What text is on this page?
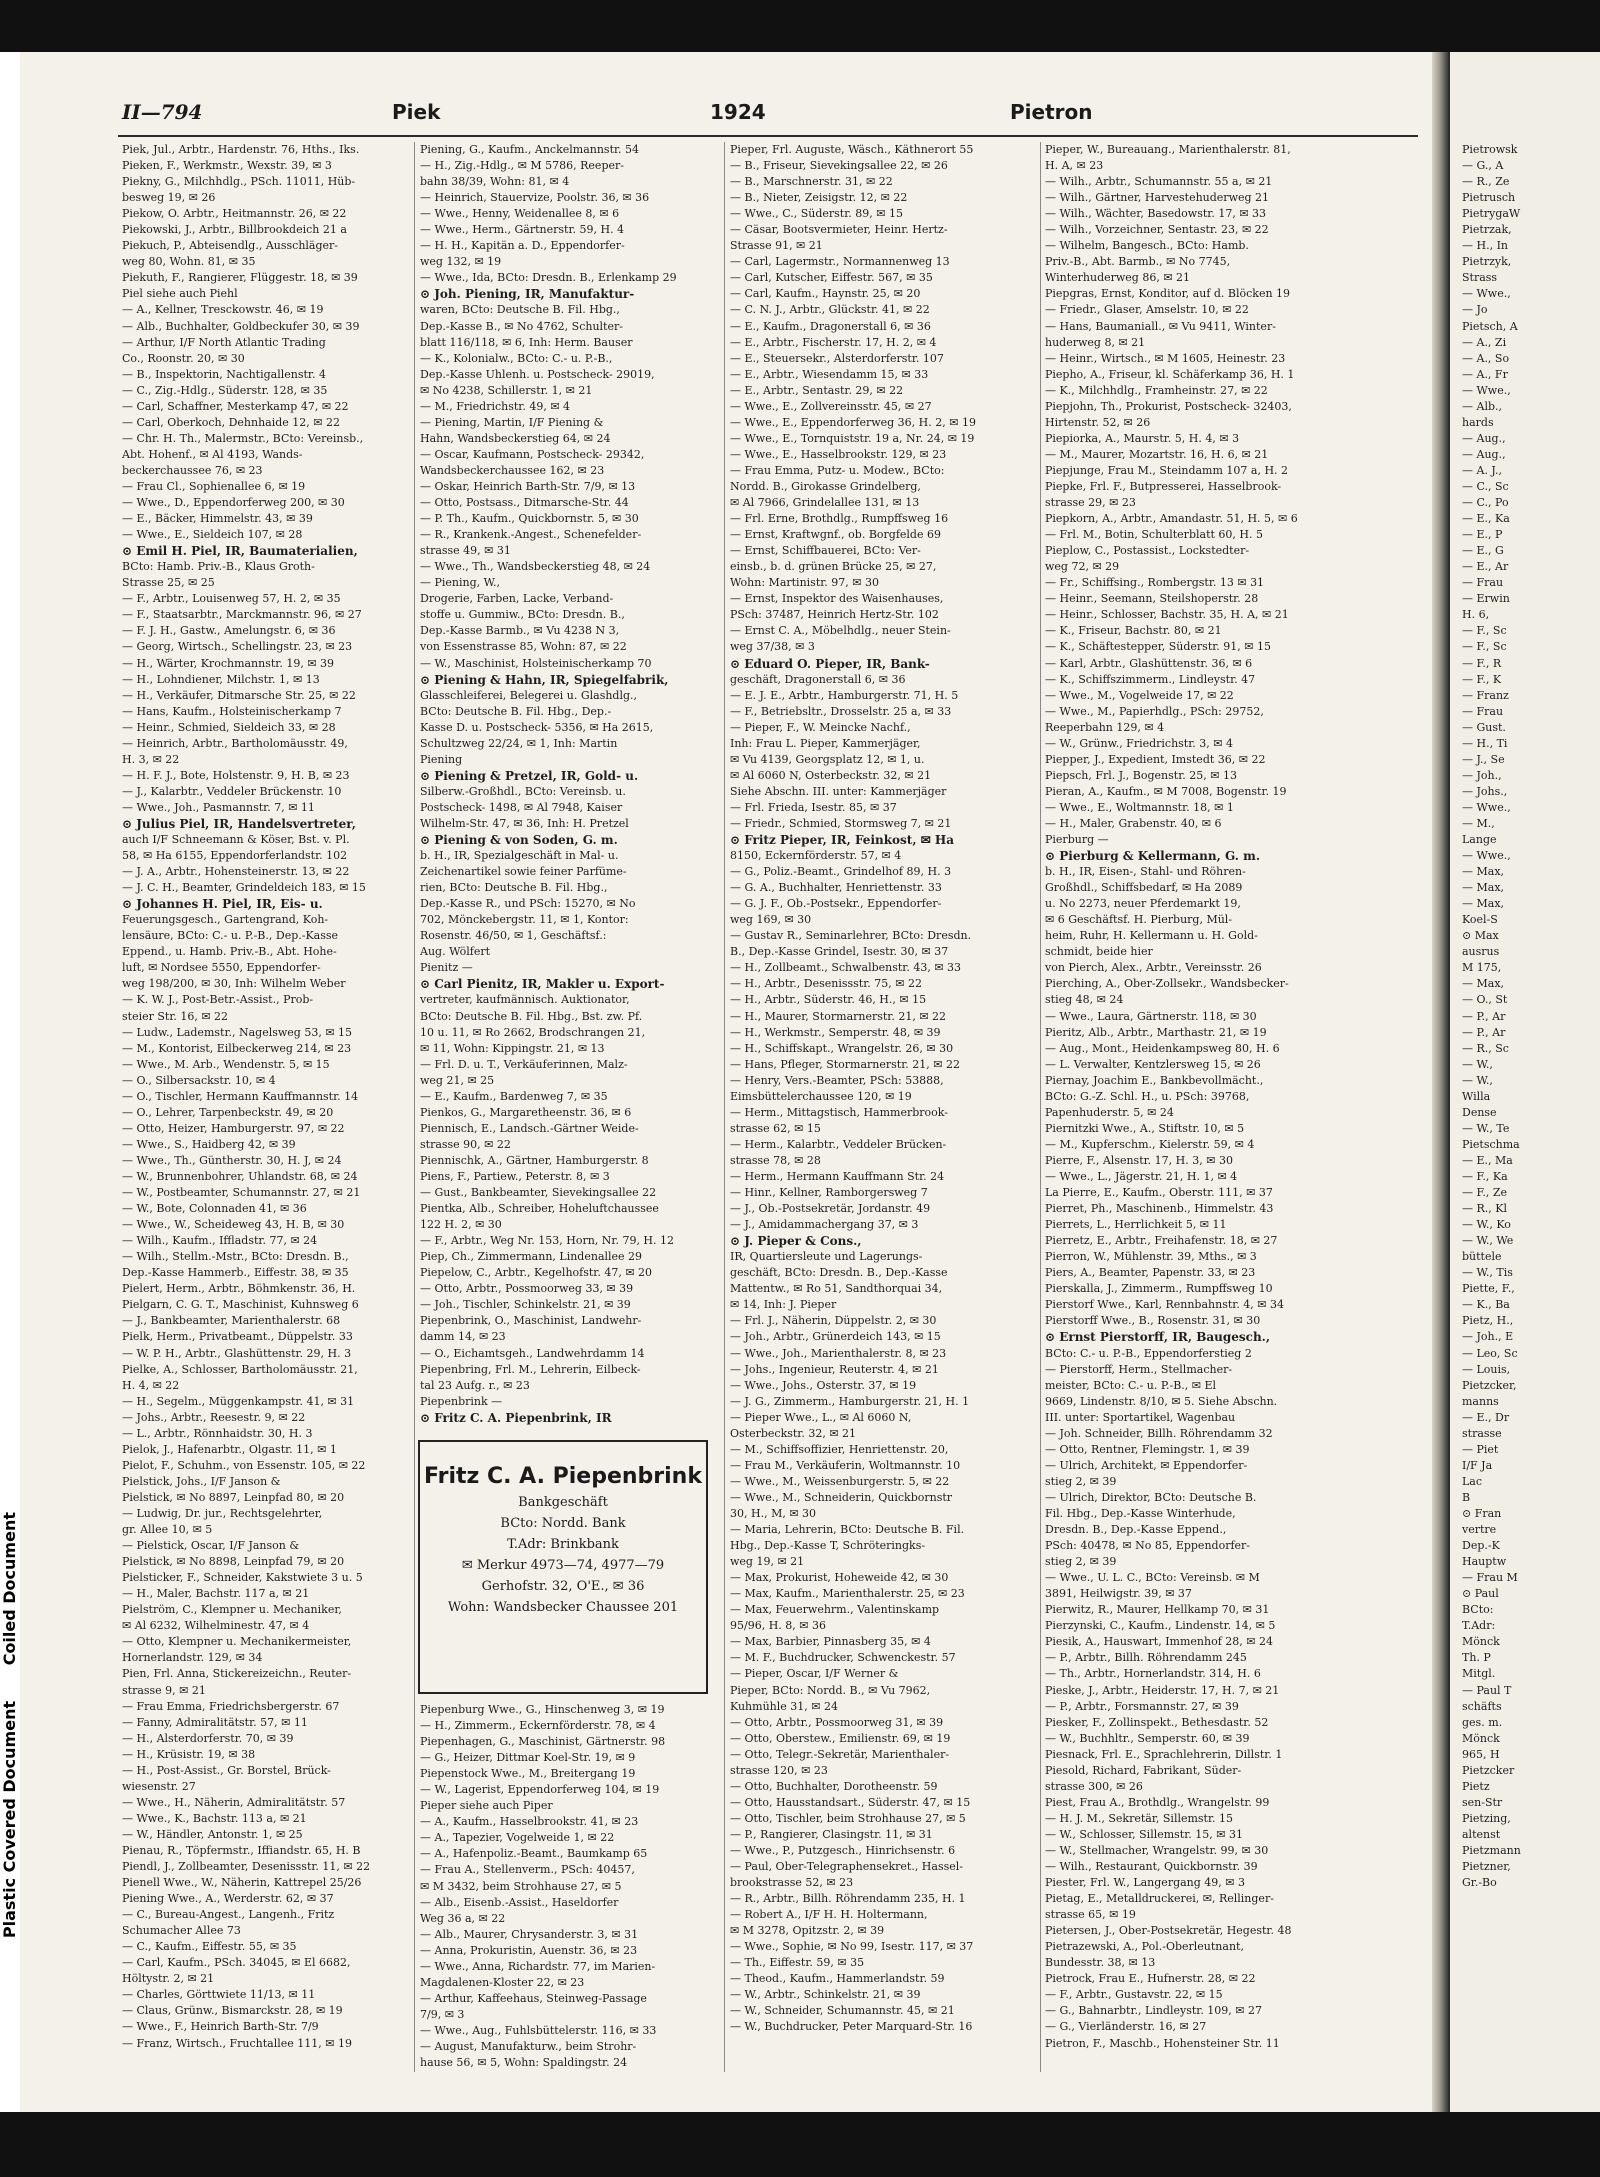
Plastic Covered Document Coiled Document
II—794	Piek	1924	Pietron
Piek, Jul., Arbtr., Hardenstr. 76, Hths., Iks.
Pieken, F., Werkmstr., Wexstr. 39, ✉ 3
Piekny, G., Milchhdlg., PSch. 11011, Hüb-
besweg 19, ✉ 26
Piekow, O. Arbtr., Heitmannstr. 26, ✉ 22
Piekowski, J., Arbtr., Billbrookdeich 21 a
Piekuch, P., Abteisendlg., Ausschläger-
weg 80, Wohn. 81, ✉ 35
Piekuth, F., Rangierer, Flüggestr. 18, ✉ 39
Piel siehe auch Piehl
— A., Kellner, Tresckowstr. 46, ✉ 19
— Alb., Buchhalter, Goldbeckufer 30, ✉ 39
— Arthur, I/F North Atlantic Trading
Co., Roonstr. 20, ✉ 30
— B., Inspektorin, Nachtigallenstr. 4
— C., Zig.-Hdlg., Süderstr. 128, ✉ 35
— Carl, Schaffner, Mesterkamp 47, ✉ 22
— Carl, Oberkoch, Dehnhaide 12, ✉ 22
— Chr. H. Th., Malermstr., BCto: Vereinsb.,
Abt. Hohenf., ✉ Al 4193, Wands-
beckerchaussee 76, ✉ 23
— Frau Cl., Sophienallee 6, ✉ 19
— Wwe., D., Eppendorferweg 200, ✉ 30
— E., Bäcker, Himmelstr. 43, ✉ 39
— Wwe., E., Sieldeich 107, ✉ 28
⊙ Emil H. Piel, IR, Baumaterialien,
BCto: Hamb. Priv.-B., Klaus Groth-
Strasse 25, ✉ 25
— F., Arbtr., Louisenweg 57, H. 2, ✉ 35
— F., Staatsarbtr., Marckmannstr. 96, ✉ 27
— F. J. H., Gastw., Amelungstr. 6, ✉ 36
— Georg, Wirtsch., Schellingstr. 23, ✉ 23
— H., Wärter, Krochmannstr. 19, ✉ 39
— H., Lohndiener, Milchstr. 1, ✉ 13
— H., Verkäufer, Ditmarsche Str. 25, ✉ 22
— Hans, Kaufm., Holsteinischerkamp 7
— Heinr., Schmied, Sieldeich 33, ✉ 28
— Heinrich, Arbtr., Bartholomäusstr. 49,
H. 3, ✉ 22
— H. F. J., Bote, Holstenstr. 9, H. B, ✉ 23
— J., Kalarbtr., Veddeler Brückenstr. 10
— Wwe., Joh., Pasmannstr. 7, ✉ 11
⊙ Julius Piel, IR, Handelsvertreter,
auch I/F Schneemann & Köser, Bst. v. Pl.
58, ✉ Ha 6155, Eppendorferlandstr. 102
— J. A., Arbtr., Hohensteinerstr. 13, ✉ 22
— J. C. H., Beamter, Grindeldeich 183, ✉ 15
⊙ Johannes H. Piel, IR, Eis- u.
Feuerungsgesch., Gartengrand, Koh-
lensäure, BCto: C.- u. P.-B., Dep.-Kasse
Eppend., u. Hamb. Priv.-B., Abt. Hohe-
luft, ✉ Nordsee 5550, Eppendorfer-
weg 198/200, ✉ 30, Inh: Wilhelm Weber
— K. W. J., Post-Betr.-Assist., Prob-
steier Str. 16, ✉ 22
— Ludw., Lademstr., Nagelsweg 53, ✉ 15
— M., Kontorist, Eilbeckerweg 214, ✉ 23
— Wwe., M. Arb., Wendenstr. 5, ✉ 15
— O., Silbersackstr. 10, ✉ 4
— O., Tischler, Hermann Kauffmannstr. 14
— O., Lehrer, Tarpenbeckstr. 49, ✉ 20
— Otto, Heizer, Hamburgerstr. 97, ✉ 22
— Wwe., S., Haidberg 42, ✉ 39
— Wwe., Th., Güntherstr. 30, H. J, ✉ 24
— W., Brunnenbohrer, Uhlandstr. 68, ✉ 24
— W., Postbeamter, Schumannstr. 27, ✉ 21
— W., Bote, Colonnaden 41, ✉ 36
— Wwe., W., Scheideweg 43, H. B, ✉ 30
— Wilh., Kaufm., Iffladstr. 77, ✉ 24
— Wilh., Stellm.-Mstr., BCto: Dresdn. B.,
Dep.-Kasse Hammerb., Eiffestr. 38, ✉ 35
Pielert, Herm., Arbtr., Böhmkenstr. 36, H.
Pielgarn, C. G. T., Maschinist, Kuhnsweg 6
— J., Bankbeamter, Marienthalerstr. 68
Pielk, Herm., Privatbeamt., Düppelstr. 33
— W. P. H., Arbtr., Glashüttenstr. 29, H. 3
Pielke, A., Schlosser, Bartholomäusstr. 21,
H. 4, ✉ 22
— H., Segelm., Müggenkampstr. 41, ✉ 31
— Johs., Arbtr., Reesestr. 9, ✉ 22
— L., Arbtr., Rönnhaidstr. 30, H. 3
Pielok, J., Hafenarbtr., Olgastr. 11, ✉ 1
Pielot, F., Schuhm., von Essenstr. 105, ✉ 22
Pielstick, Johs., I/F Janson &
Pielstick, ✉ No 8897, Leinpfad 80, ✉ 20
— Ludwig, Dr. jur., Rechtsgelehrter,
gr. Allee 10, ✉ 5
— Pielstick, Oscar, I/F Janson &
Pielstick, ✉ No 8898, Leinpfad 79, ✉ 20
Pielsticker, F., Schneider, Kakstwiete 3 u. 5
— H., Maler, Bachstr. 117 a, ✉ 21
Pielström, C., Klempner u. Mechaniker,
✉ Al 6232, Wilhelminestr. 47, ✉ 4
— Otto, Klempner u. Mechanikermeister,
Hornerlandstr. 129, ✉ 34
Pien, Frl. Anna, Stickereizeichn., Reuter-
strasse 9, ✉ 21
— Frau Emma, Friedrichsbergerstr. 67
— Fanny, Admiralitätstr. 57, ✉ 11
— H., Alsterdorferstr. 70, ✉ 39
— H., Krüsistr. 19, ✉ 38
— H., Post-Assist., Gr. Borstel, Brück-
wiesenstr. 27
— Wwe., H., Näherin, Admiralitätstr. 57
— Wwe., K., Bachstr. 113 a, ✉ 21
— W., Händler, Antonstr. 1, ✉ 25
Pienau, R., Töpfermstr., Iffiandstr. 65, H. B
Piendl, J., Zollbeamter, Desenissstr. 11, ✉ 22
Pienell Wwe., W., Näherin, Kattrepel 25/26
Piening Wwe., A., Werderstr. 62, ✉ 37
— C., Bureau-Angest., Langenh., Fritz
Schumacher Allee 73
— C., Kaufm., Eiffestr. 55, ✉ 35
— Carl, Kaufm., PSch. 34045, ✉ El 6682,
Höltystr. 2, ✉ 21
— Charles, Görttwiete 11/13, ✉ 11
— Claus, Grünw., Bismarckstr. 28, ✉ 19
— Wwe., F., Heinrich Barth-Str. 7/9
— Franz, Wirtsch., Fruchtallee 111, ✉ 19
Piening, G., Kaufm., Anckelmannstr. 54
— H., Zig.-Hdlg., ✉ M 5786, Reeper-
bahn 38/39, Wohn: 81, ✉ 4
— Heinrich, Stauervize, Poolstr. 36, ✉ 36
— Wwe., Henny, Weidenallee 8, ✉ 6
— Wwe., Herm., Gärtnerstr. 59, H. 4
— H. H., Kapitän a. D., Eppendorfer-
weg 132, ✉ 19
— Wwe., Ida, BCto: Dresdn. B., Erlenkamp 29
⊙ Joh. Piening, IR, Manufaktur-
waren, BCto: Deutsche B. Fil. Hbg.,
Dep.-Kasse B., ✉ No 4762, Schulter-
blatt 116/118, ✉ 6, Inh: Herm. Bauser
— K., Kolonialw., BCto: C.- u. P.-B.,
Dep.-Kasse Uhlenh. u. Postscheck- 29019,
✉ No 4238, Schillerstr. 1, ✉ 21
— M., Friedrichstr. 49, ✉ 4
— Piening, Martin, I/F Piening &
Hahn, Wandsbeckerstieg 64, ✉ 24
— Oscar, Kaufmann, Postscheck- 29342,
Wandsbeckerchaussee 162, ✉ 23
— Oskar, Heinrich Barth-Str. 7/9, ✉ 13
— Otto, Postsass., Ditmarsche-Str. 44
— P. Th., Kaufm., Quickbornstr. 5, ✉ 30
— R., Krankenk.-Angest., Schenefelder-
strasse 49, ✉ 31
— Wwe., Th., Wandsbeckerstieg 48, ✉ 24
— Piening, W.,
Drogerie, Farben, Lacke, Verband-
stoffe u. Gummiw., BCto: Dresdn. B.,
Dep.-Kasse Barmb., ✉ Vu 4238 N 3,
von Essenstrasse 85, Wohn: 87, ✉ 22
— W., Maschinist, Holsteinischerkamp 70
⊙ Piening & Hahn, IR, Spiegelfabrik,
Glasschleiferei, Belegerei u. Glashdlg.,
BCto: Deutsche B. Fil. Hbg., Dep.-
Kasse D. u. Postscheck- 5356, ✉ Ha 2615,
Schultzweg 22/24, ✉ 1, Inh: Martin
Piening
⊙ Piening & Pretzel, IR, Gold- u.
Silberw.-Großhdl., BCto: Vereinsb. u.
Postscheck- 1498, ✉ Al 7948, Kaiser
Wilhelm-Str. 47, ✉ 36, Inh: H. Pretzel
⊙ Piening & von Soden, G. m.
b. H., IR, Spezialgeschäft in Mal- u.
Zeichenartikel sowie feiner Parfüme-
rien, BCto: Deutsche B. Fil. Hbg.,
Dep.-Kasse R., und PSch: 15270, ✉ No
702, Mönckebergstr. 11, ✉ 1, Kontor:
Rosenstr. 46/50, ✉ 1, Geschäftsf.:
Aug. Wölfert
Pienitz —
⊙ Carl Pienitz, IR, Makler u. Export-
vertreter, kaufmännisch. Auktionator,
BCto: Deutsche B. Fil. Hbg., Bst. zw. Pf.
10 u. 11, ✉ Ro 2662, Brodschrangen 21,
✉ 11, Wohn: Kippingstr. 21, ✉ 13
— Frl. D. u. T., Verkäuferinnen, Malz-
weg 21, ✉ 25
— E., Kaufm., Bardenweg 7, ✉ 35
Pienkos, G., Margaretheenstr. 36, ✉ 6
Piennisch, E., Landsch.-Gärtner Weide-
strasse 90, ✉ 22
Piennischk, A., Gärtner, Hamburgerstr. 8
Piens, F., Partiew., Peterstr. 8, ✉ 3
— Gust., Bankbeamter, Sievekingsallee 22
Pientka, Alb., Schreiber, Hoheluftchaussee
122 H. 2, ✉ 30
— F., Arbtr., Weg Nr. 153, Horn, Nr. 79, H. 12
Piep, Ch., Zimmermann, Lindenallee 29
Piepelow, C., Arbtr., Kegelhofstr. 47, ✉ 20
— Otto, Arbtr., Possmoorweg 33, ✉ 39
— Joh., Tischler, Schinkelstr. 21, ✉ 39
Piepenbrink, O., Maschinist, Landwehr-
damm 14, ✉ 23
— O., Eichamtsgeh., Landwehrdamm 14
Piepenbring, Frl. M., Lehrerin, Eilbeck-
tal 23 Aufg. r., ✉ 23
Piepenbrink —
⊙ Fritz C. A. Piepenbrink, IR
Pieper, Frl. Auguste, Wäsch., Käthnerort 55
— B., Friseur, Sievekingsallee 22, ✉ 26
— B., Marschnerstr. 31, ✉ 22
— B., Nieter, Zeisigstr. 12, ✉ 22
— Wwe., C., Süderstr. 89, ✉ 15
— Cäsar, Bootsvermieter, Heinr. Hertz-
Strasse 91, ✉ 21
— Carl, Lagermstr., Normannenweg 13
— Carl, Kutscher, Eiffestr. 567, ✉ 35
— Carl, Kaufm., Haynstr. 25, ✉ 20
— C. N. J., Arbtr., Glückstr. 41, ✉ 22
— E., Kaufm., Dragonerstall 6, ✉ 36
— E., Arbtr., Fischerstr. 17, H. 2, ✉ 4
— E., Steuersekr., Alsterdorferstr. 107
— E., Arbtr., Wiesendamm 15, ✉ 33
— E., Arbtr., Sentastr. 29, ✉ 22
— Wwe., E., Zollvereinsstr. 45, ✉ 27
— Wwe., E., Eppendorferweg 36, H. 2, ✉ 19
— Wwe., E., Tornquiststr. 19 a, Nr. 24, ✉ 19
— Wwe., E., Hasselbrookstr. 129, ✉ 23
— Frau Emma, Putz- u. Modew., BCto:
Nordd. B., Girokasse Grindelberg,
✉ Al 7966, Grindelallee 131, ✉ 13
— Frl. Erne, Brothdlg., Rumpffsweg 16
— Ernst, Kraftwgnf., ob. Borgfelde 69
— Ernst, Schiffbauerei, BCto: Ver-
einsb., b. d. grünen Brücke 25, ✉ 27,
Wohn: Martinistr. 97, ✉ 30
— Ernst, Inspektor des Waisenhauses,
PSch: 37487, Heinrich Hertz-Str. 102
— Ernst C. A., Möbelhdlg., neuer Stein-
weg 37/38, ✉ 3
⊙ Eduard O. Pieper, IR, Bank-
geschäft, Dragonerstall 6, ✉ 36
— E. J. E., Arbtr., Hamburgerstr. 71, H. 5
— F., Betriebsltr., Drosselstr. 25 a, ✉ 33
— Pieper, F., W. Meincke Nachf.,
Inh: Frau L. Pieper, Kammerjäger,
✉ Vu 4139, Georgsplatz 12, ✉ 1, u.
✉ Al 6060 N, Osterbeckstr. 32, ✉ 21
Siehe Abschn. III. unter: Kammerjäger
— Frl. Frieda, Isestr. 85, ✉ 37
— Friedr., Schmied, Stormsweg 7, ✉ 21
⊙ Fritz Pieper, IR, Feinkost, ✉ Ha
8150, Eckernförderstr. 57, ✉ 4
— G., Poliz.-Beamt., Grindelhof 89, H. 3
— G. A., Buchhalter, Henriettenstr. 33
— G. J. F., Ob.-Postsekr., Eppendorfer-
weg 169, ✉ 30
— Gustav R., Seminarlehrer, BCto: Dresdn.
B., Dep.-Kasse Grindel, Isestr. 30, ✉ 37
— H., Zollbeamt., Schwalbenstr. 43, ✉ 33
— H., Arbtr., Desenissstr. 75, ✉ 22
— H., Arbtr., Süderstr. 46, H., ✉ 15
— H., Maurer, Stormarnerstr. 21, ✉ 22
— H., Werkmstr., Semperstr. 48, ✉ 39
— H., Schiffskapt., Wrangelstr. 26, ✉ 30
— Hans, Pfleger, Stormarnerstr. 21, ✉ 22
— Henry, Vers.-Beamter, PSch: 53888,
Eimsbüttelerchaussee 120, ✉ 19
— Herm., Mittagstisch, Hammerbrook-
strasse 62, ✉ 15
— Herm., Kalarbtr., Veddeler Brücken-
strasse 78, ✉ 28
— Herm., Hermann Kauffmann Str. 24
— Hinr., Kellner, Ramborgersweg 7
— J., Ob.-Postsekretär, Jordanstr. 49
— J., Amidammachergang 37, ✉ 3
⊙ J. Pieper & Cons.,
IR, Quartiersleute und Lagerungs-
geschäft, BCto: Dresdn. B., Dep.-Kasse
Mattentw., ✉ Ro 51, Sandthorquai 34,
✉ 14, Inh: J. Pieper
— Frl. J., Näherin, Düppelstr. 2, ✉ 30
— Joh., Arbtr., Grünerdeich 143, ✉ 15
— Wwe., Joh., Marienthalerstr. 8, ✉ 23
— Johs., Ingenieur, Reuterstr. 4, ✉ 21
— Wwe., Johs., Osterstr. 37, ✉ 19
— J. G., Zimmerm., Hamburgerstr. 21, H. 1
— Pieper Wwe., L., ✉ Al 6060 N,
Osterbeckstr. 32, ✉ 21
— M., Schiffsoffizier, Henriettenstr. 20,
— Frau M., Verkäuferin, Woltmannstr. 10
— Wwe., M., Weissenburgerstr. 5, ✉ 22
— Wwe., M., Schneiderin, Quickbornstr
30, H., M, ✉ 30
— Maria, Lehrerin, BCto: Deutsche B. Fil.
Hbg., Dep.-Kasse T, Schröteringks-
weg 19, ✉ 21
— Max, Prokurist, Hoheweide 42, ✉ 30
— Max, Kaufm., Marienthalerstr. 25, ✉ 23
— Max, Feuerwehrm., Valentinskamp
95/96, H. 8, ✉ 36
— Max, Barbier, Pinnasberg 35, ✉ 4
— M. F., Buchdrucker, Schwenckestr. 57
— Pieper, Oscar, I/F Werner &
Pieper, BCto: Nordd. B., ✉ Vu 7962,
Kuhmühle 31, ✉ 24
— Otto, Arbtr., Possmoorweg 31, ✉ 39
— Otto, Oberstew., Emilienstr. 69, ✉ 19
— Otto, Telegr.-Sekretär, Marienthaler-
strasse 120, ✉ 23
— Otto, Buchhalter, Dorotheenstr. 59
— Otto, Hausstandsart., Süderstr. 47, ✉ 15
— Otto, Tischler, beim Strohhause 27, ✉ 5
— P., Rangierer, Clasingstr. 11, ✉ 31
— Wwe., P., Putzgesch., Hinrichsenstr. 6
— Paul, Ober-Telegraphensekret., Hassel-
brookstrasse 52, ✉ 23
— R., Arbtr., Billh. Röhrendamm 235, H. 1
— Robert A., I/F H. H. Holtermann,
✉ M 3278, Opitzstr. 2, ✉ 39
— Wwe., Sophie, ✉ No 99, Isestr. 117, ✉ 37
— Th., Eiffestr. 59, ✉ 35
— Theod., Kaufm., Hammerlandstr. 59
— W., Arbtr., Schinkelstr. 21, ✉ 39
— W., Schneider, Schumannstr. 45, ✉ 21
— W., Buchdrucker, Peter Marquard-Str. 16
Pieper, W., Bureauang., Marienthalerstr. 81,
H. A, ✉ 23
— Wilh., Arbtr., Schumannstr. 55 a, ✉ 21
— Wilh., Gärtner, Harvestehuderweg 21
— Wilh., Wächter, Basedowstr. 17, ✉ 33
— Wilh., Vorzeichner, Sentastr. 23, ✉ 22
— Wilhelm, Bangesch., BCto: Hamb.
Priv.-B., Abt. Barmb., ✉ No 7745,
Winterhuderweg 86, ✉ 21
Piepgras, Ernst, Konditor, auf d. Blöcken 19
— Friedr., Glaser, Amselstr. 10, ✉ 22
— Hans, Baumaniall., ✉ Vu 9411, Winter-
huderweg 8, ✉ 21
— Heinr., Wirtsch., ✉ M 1605, Heinestr. 23
Piepho, A., Friseur, kl. Schäferkamp 36, H. 1
— K., Milchhdlg., Framheinstr. 27, ✉ 22
Piepjohn, Th., Prokurist, Postscheck- 32403,
Hirtenstr. 52, ✉ 26
Piepiorka, A., Maurstr. 5, H. 4, ✉ 3
— M., Maurer, Mozartstr. 16, H. 6, ✉ 21
Piepjunge, Frau M., Steindamm 107 a, H. 2
Piepke, Frl. F., Butpresserei, Hasselbrook-
strasse 29, ✉ 23
Piepkorn, A., Arbtr., Amandastr. 51, H. 5, ✉ 6
— Frl. M., Botin, Schulterblatt 60, H. 5
Pieplow, C., Postassist., Lockstedter-
weg 72, ✉ 29
— Fr., Schiffsing., Rombergstr. 13 ✉ 31
— Heinr., Seemann, Steilshoperstr. 28
— Heinr., Schlosser, Bachstr. 35, H. A, ✉ 21
— K., Friseur, Bachstr. 80, ✉ 21
— K., Schäftestepper, Süderstr. 91, ✉ 15
— Karl, Arbtr., Glashüttenstr. 36, ✉ 6
— K., Schiffszimmerm., Lindleystr. 47
— Wwe., M., Vogelweide 17, ✉ 22
— Wwe., M., Papierhdlg., PSch: 29752,
Reeperbahn 129, ✉ 4
— W., Grünw., Friedrichstr. 3, ✉ 4
Piepper, J., Expedient, Imstedt 36, ✉ 22
Piepsch, Frl. J., Bogenstr. 25, ✉ 13
Pieran, A., Kaufm., ✉ M 7008, Bogenstr. 19
— Wwe., E., Woltmannstr. 18, ✉ 1
— H., Maler, Grabenstr. 40, ✉ 6
Pierburg —
⊙ Pierburg & Kellermann, G. m.
b. H., IR, Eisen-, Stahl- und Röhren-
Großhdl., Schiffsbedarf, ✉ Ha 2089
u. No 2273, neuer Pferdemarkt 19,
✉ 6 Geschäftsf. H. Pierburg, Mül-
heim, Ruhr, H. Kellermann u. H. Gold-
schmidt, beide hier
von Pierch, Alex., Arbtr., Vereinsstr. 26
Pierching, A., Ober-Zollsekr., Wandsbecker-
stieg 48, ✉ 24
— Wwe., Laura, Gärtnerstr. 118, ✉ 30
Pieritz, Alb., Arbtr., Marthastr. 21, ✉ 19
— Aug., Mont., Heidenkampsweg 80, H. 6
— L. Verwalter, Kentzlersweg 15, ✉ 26
Piernay, Joachim E., Bankbevollmächt.,
BCto: G.-Z. Schl. H., u. PSch: 39768,
Papenhuderstr. 5, ✉ 24
Piernitzki Wwe., A., Stiftstr. 10, ✉ 5
— M., Kupferschm., Kielerstr. 59, ✉ 4
Pierre, F., Alsenstr. 17, H. 3, ✉ 30
— Wwe., L., Jägerstr. 21, H. 1, ✉ 4
La Pierre, E., Kaufm., Oberstr. 111, ✉ 37
Pierret, Ph., Maschinenb., Himmelstr. 43
Pierrets, L., Herrlichkeit 5, ✉ 11
Pierretz, E., Arbtr., Freihafenstr. 18, ✉ 27
Pierron, W., Mühlenstr. 39, Mths., ✉ 3
Piers, A., Beamter, Papenstr. 33, ✉ 23
Pierskalla, J., Zimmerm., Rumpffsweg 10
Pierstorf Wwe., Karl, Rennbahnstr. 4, ✉ 34
Pierstorff Wwe., B., Rosenstr. 31, ✉ 30
⊙ Ernst Pierstorff, IR, Baugesch.,
BCto: C.- u. P.-B., Eppendorferstieg 2
— Pierstorff, Herm., Stellmacher-
meister, BCto: C.- u. P.-B., ✉ El
9669, Lindenstr. 8/10, ✉ 5. Siehe Abschn.
III. unter: Sportartikel, Wagenbau
— Joh. Schneider, Billh. Röhrendamm 32
— Otto, Rentner, Flemingstr. 1, ✉ 39
— Ulrich, Architekt, ✉ Eppendorfer-
stieg 2, ✉ 39
— Ulrich, Direktor, BCto: Deutsche B.
Fil. Hbg., Dep.-Kasse Winterhude,
Dresdn. B., Dep.-Kasse Eppend.,
PSch: 40478, ✉ No 85, Eppendorfer-
stieg 2, ✉ 39
— Wwe., U. L. C., BCto: Vereinsb. ✉ M
3891, Heilwigstr. 39, ✉ 37
Pierwitz, R., Maurer, Hellkamp 70, ✉ 31
Pierzynski, C., Kaufm., Lindenstr. 14, ✉ 5
Piesik, A., Hauswart, Immenhof 28, ✉ 24
— P., Arbtr., Billh. Röhrendamm 245
— Th., Arbtr., Hornerlandstr. 314, H. 6
Pieske, J., Arbtr., Heiderstr. 17, H. 7, ✉ 21
— P., Arbtr., Forsmannstr. 27, ✉ 39
Piesker, F., Zollinspekt., Bethesdastr. 52
— W., Buchhltr., Semperstr. 60, ✉ 39
Piesnack, Frl. E., Sprachlehrerin, Dillstr. 1
Piesold, Richard, Fabrikant, Süder-
strasse 300, ✉ 26
Piest, Frau A., Brothdlg., Wrangelstr. 99
— H. J. M., Sekretär, Sillemstr. 15
— W., Schlosser, Sillemstr. 15, ✉ 31
— W., Stellmacher, Wrangelstr. 99, ✉ 30
— Wilh., Restaurant, Quickbornstr. 39
Piester, Frl. W., Langergang 49, ✉ 3
Pietag, E., Metalldruckerei, ✉, Rellinger-
strasse 65, ✉ 19
Pietersen, J., Ober-Postsekretär, Hegestr. 48
Pietrazewski, A., Pol.-Oberleutnant,
Bundesstr. 38, ✉ 13
Pietrock, Frau E., Hufnerstr. 28, ✉ 22
— F., Arbtr., Gustavstr. 22, ✉ 15
— G., Bahnarbtr., Lindleystr. 109, ✉ 27
— G., Vierländerstr. 16, ✉ 27
Pietron, F., Maschb., Hohensteiner Str. 11
Fritz C. A. Piepenbrink
Bankgeschäft
BCto: Nordd. Bank
T.Adr: Brinkbank
✉ Merkur 4973—74, 4977—79
Gerhofstr. 32, O'E., ✉ 36
Wohn: Wandsbecker Chaussee 201
Piepenburg Wwe., G., Hinschenweg 3, ✉ 19
— H., Zimmerm., Eckernförderstr. 78, ✉ 4
Piepenhagen, G., Maschinist, Gärtnerstr. 98
— G., Heizer, Dittmar Koel-Str. 19, ✉ 9
Piepenstock Wwe., M., Breitergang 19
— W., Lagerist, Eppendorferweg 104, ✉ 19
Pieper siehe auch Piper
— A., Kaufm., Hasselbrookstr. 41, ✉ 23
— A., Tapezier, Vogelweide 1, ✉ 22
— A., Hafenpoliz.-Beamt., Baumkamp 65
— Frau A., Stellenverm., PSch: 40457,
✉ M 3432, beim Strohhause 27, ✉ 5
— Alb., Eisenb.-Assist., Haseldorfer
Weg 36 a, ✉ 22
— Alb., Maurer, Chrysanderstr. 3, ✉ 31
— Anna, Prokuristin, Auenstr. 36, ✉ 23
— Wwe., Anna, Richardstr. 77, im Marien-
Magdalenen-Kloster 22, ✉ 23
— Arthur, Kaffeehaus, Steinweg-Passage
7/9, ✉ 3
— Wwe., Aug., Fuhlsbüttelerstr. 116, ✉ 33
— August, Manufakturw., beim Strohr-
hause 56, ✉ 5, Wohn: Spaldingstr. 24
Pietrowsk
— G., A
— R., Ze
Pietrusch
PietrygaW
Pietrzak,
— H., In
Pietrzyk,
Strass
— Wwe.,
— Jo
Pietsch, A
— A., Zi
— A., So
— A., Fr
— Wwe.,
— Alb.,
hards
— Aug.,
— Aug.,
— A. J.,
— C., Sc
— C., Po
— E., Ka
— E., P
— E., G
— E., Ar
— Frau
— Erwin
H. 6,
— F., Sc
— F., Sc
— F., R
— F., K
— Franz
— Frau
— Gust.
— H., Ti
— J., Se
— Joh.,
— Johs.,
— Wwe.,
— M.,
Lange
— Wwe.,
— Max,
— Max,
— Max,
Koel-S
⊙ Max
ausrus
M 175,
— Max,
— O., St
— P., Ar
— P., Ar
— R., Sc
— W.,
— W.,
Willa
Dense
— W., Te
Pietschma
— E., Ma
— F., Ka
— F., Ze
— R., Kl
— W., Ko
— W., We
büttele
— W., Tis
Piette, F.,
— K., Ba
Pietz, H.,
— Joh., E
— Leo, Sc
— Louis,
Pietzcker,
manns
— E., Dr
strasse
— Piet
I/F Ja
Lac
B
⊙ Fran
vertre
Dep.-K
Hauptw
— Frau M
⊙ Paul
BCto:
T.Adr:
Mönck
Th. P
Mitgl.
— Paul T
schäfts
ges. m.
Mönck
965, H
Pietzcker
Pietz
sen-Str
Pietzing,
altenst
Pietzmann
Pietzner,
Gr.-Bo
